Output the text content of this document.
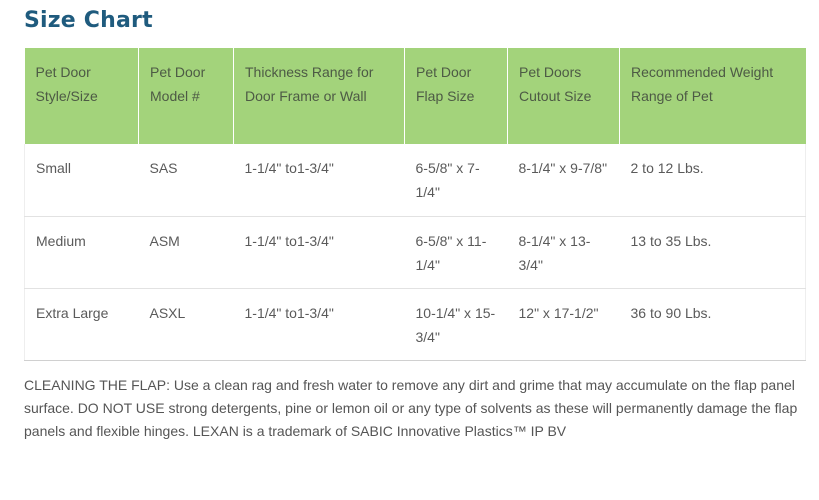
Size Chart
Pet Door Style/Size	Pet Door Model #	Thickness Range for Door Frame or Wall	Pet Door Flap Size	Pet Doors Cutout Size	Recommended Weight Range of Pet
Small	SAS	1-1/4" to1-3/4"	6-5/8" x 7-1/4"	8-1/4" x 9-7/8"	2 to 12 Lbs.
Medium	ASM	1-1/4" to1-3/4"	6-5/8" x 11-1/4"	8-1/4" x 13-3/4"	13 to 35 Lbs.
Extra Large	ASXL	1-1/4" to1-3/4"	10-1/4" x 15-3/4"	12" x 17-1/2"	36 to 90 Lbs.

CLEANING THE FLAP: Use a clean rag and fresh water to remove any dirt and grime that may accumulate on the flap panel surface. DO NOT USE strong detergents, pine or lemon oil or any type of solvents as these will permanently damage the flap panels and flexible hinges. LEXAN is a trademark of SABIC Innovative Plastics™ IP BV
